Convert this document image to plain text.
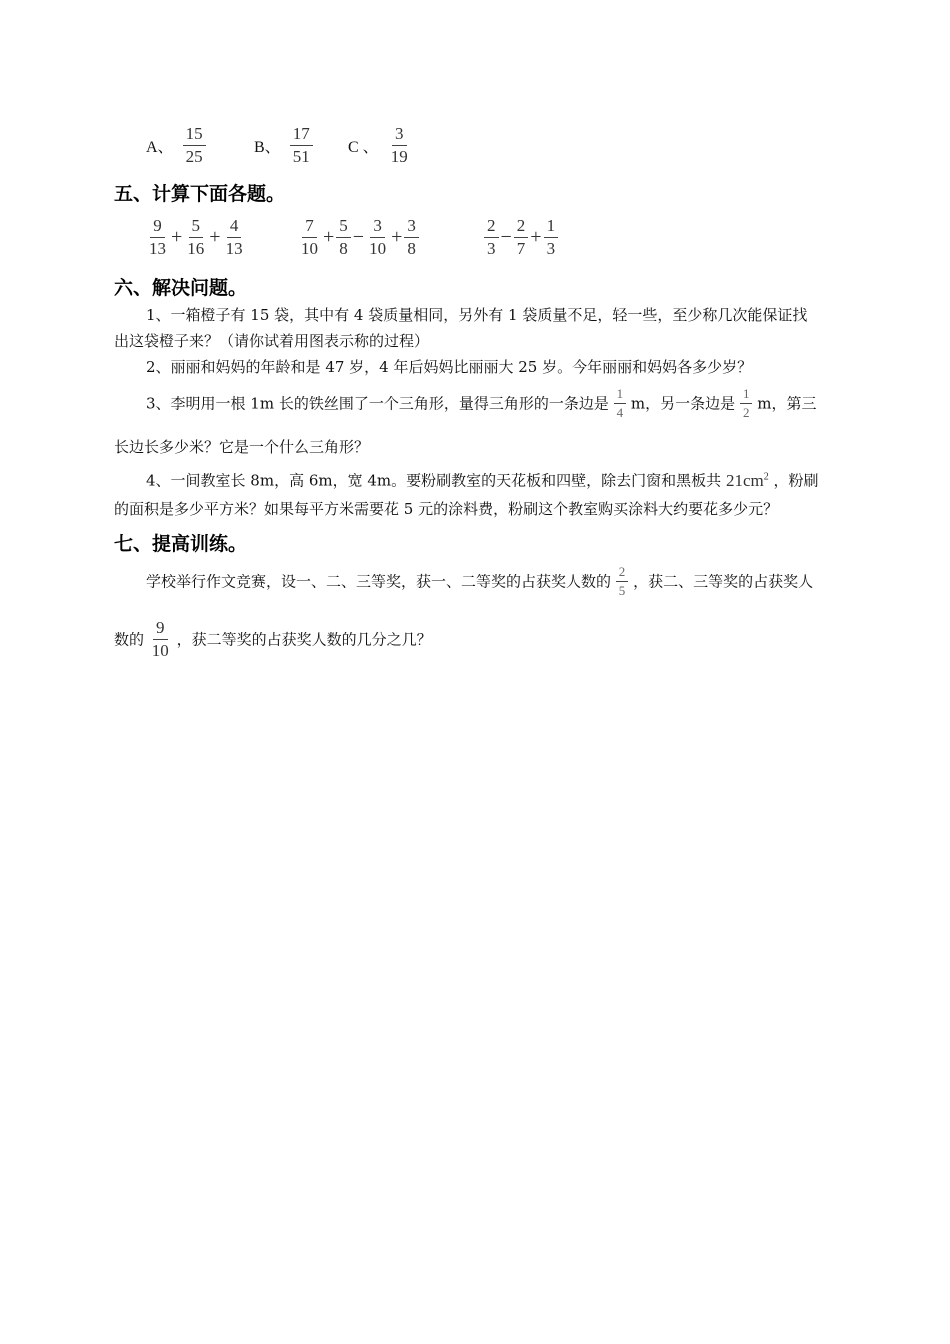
A、 $\frac{15}{25}$	B、 $\frac{17}{51}$ C 、 $\frac{3}{19}$
五、计算下面各题。
$\frac{9}{13} + \frac{5}{16} + \frac{4}{13}$	$\frac{7}{10} + \frac{5}{8} - \frac{3}{10} + \frac{3}{8}$	$\frac{2}{3} - \frac{2}{7} + \frac{1}{3}$
六、解决问题。
1、一箱橙子有 15 袋，其中有 4 袋质量相同，另外有 1 袋质量不足，轻一些，至少称几次能保证找
出这袋橙子来？（请你试着用图表示称的过程）
2、丽丽和妈妈的年龄和是 47 岁，4 年后妈妈比丽丽大 25 岁。今年丽丽和妈妈各多少岁？
3、李明用一根 1m 长的铁丝围了一个三角形，量得三角形的一条边是 $\frac{1}{4}$ m，另一条边是 $\frac{1}{2}$ m，第三
长边长多少米？它是一个什么三角形？
4、一间教室长 8m，高 6m，宽 4m。要粉刷教室的天花板和四壁，除去门窗和黑板共 $21cm^2$ ，粉刷
的面积是多少平方米？如果每平方米需要花 5 元的涂料费，粉刷这个教室购买涂料大约要花多少元？
七、提高训练。
学校举行作文竞赛，设一、二、三等奖，获一、二等奖的占获奖人数的 $\frac{2}{5}$ ，获二、三等奖的占获奖人
数的 $\frac{9}{10}$ ，获二等奖的占获奖人数的几分之几？
